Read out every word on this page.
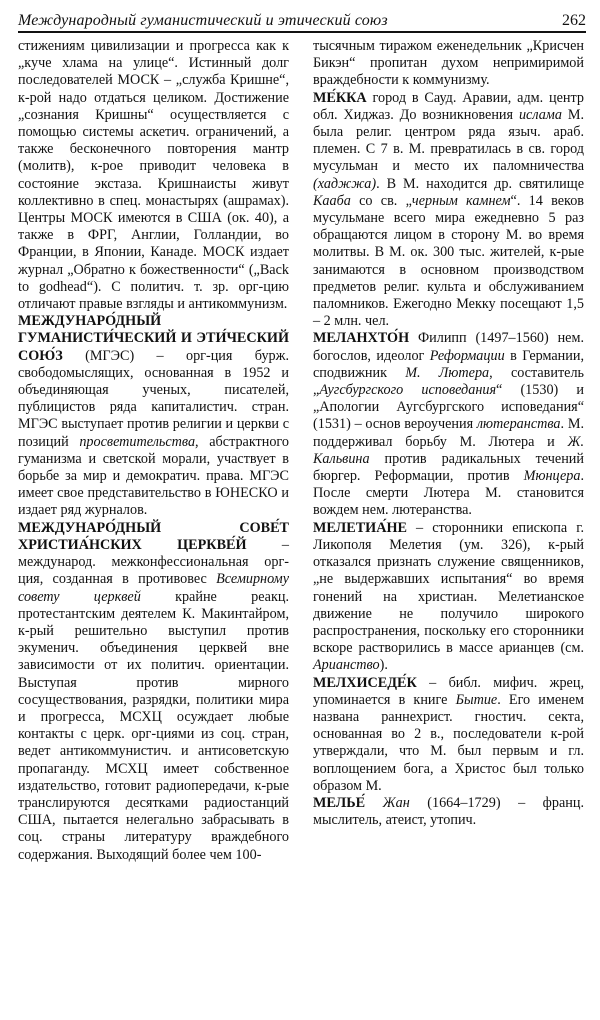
Международный гуманистический и этический союз	262

стижениям цивилизации и прогресса как к „куче хлама на улице“. Истинный долг последователей МОСК – „служба Кришне“, к-рой надо отдаться целиком. Достижение „сознания Кришны“ осуществляется с помощью системы аскетич. ограничений, а также бесконечного повторения мантр (молитв), к-рое приводит человека в состояние экстаза. Кришнаисты живут коллективно в спец. монастырях (ашрамах). Центры МОСК имеются в США (ок. 40), а также в ФРГ, Англии, Голландии, во Франции, в Японии, Канаде. МОСК издает журнал „Обратно к божественности“ („Back to godhead“). С политич. т. зр. орг-цию отличают правые взгляды и антикоммунизм.

МЕЖДУНАРО́ДНЫЙ ГУМАНИСТИ́ЧЕСКИЙ И ЭТИ́ЧЕСКИЙ СОЮ́З (МГЭС) – орг-ция бурж. свободомыслящих, основанная в 1952 и объединяющая ученых, писателей, публицистов ряда капиталистич. стран. МГЭС выступает против религии и церкви с позиций просветительства, абстрактного гуманизма и светской морали, участвует в борьбе за мир и демократич. права. МГЭС имеет свое представительство в ЮНЕСКО и издает ряд журналов.

МЕЖДУНАРО́ДНЫЙ СОВЕ́Т ХРИСТИА́НСКИХ ЦЕРКВЕ́Й – международ. межконфессиональная орг-ция, созданная в противовес Всемирному совету церквей крайне реакц. протестантским деятелем К. Макинтайром, к-рый решительно выступил против экуменич. объединения церквей вне зависимости от их политич. ориентации. Выступая против мирного сосуществования, разрядки, политики мира и прогресса, МСХЦ осуждает любые контакты с церк. орг-циями из соц. стран, ведет антикоммунистич. и антисоветскую пропаганду. МСХЦ имеет собственное издательство, готовит радиопередачи, к-рые транслируются десятками радиостанций США, пытается нелегально забрасывать в соц. страны литературу враждебного содержания. Выходящий более чем 100-

тысячным тиражом еженедельник „Крисчен Бикэн“ пропитан духом непримиримой враждебности к коммунизму.

МЕ́ККА город в Сауд. Аравии, адм. центр обл. Хиджаз. До возникновения ислама М. была религ. центром ряда языч. араб. племен. С 7 в. М. превратилась в св. город мусульман и место их паломничества (хаджжа). В М. находится др. святилище Кааба со св. „черным камнем“. 14 веков мусульмане всего мира ежедневно 5 раз обращаются лицом в сторону М. во время молитвы. В М. ок. 300 тыс. жителей, к-рые занимаются в основном производством предметов религ. культа и обслуживанием паломников. Ежегодно Мекку посещают 1,5 – 2 млн. чел.

МЕЛАНХТО́Н Филипп (1497–1560) нем. богослов, идеолог Реформации в Германии, сподвижник М. Лютера, составитель „Аугсбургского исповедания“ (1530) и „Апологии Аугсбургского исповедания“ (1531) – основ вероучения лютеранства. М. поддерживал борьбу М. Лютера и Ж. Кальвина против радикальных течений бюргер. Реформации, против Мюнцера. После смерти Лютера М. становится вождем нем. лютеранства.

МЕЛЕТИА́НЕ – сторонники епископа г. Ликополя Мелетия (ум. 326), к-рый отказался признать служение священников, „не выдержавших испытания“ во время гонений на христиан. Мелетианское движение не получило широкого распространения, поскольку его сторонники вскоре растворились в массе арианцев (см. Арианство).

МЕЛХИСЕДЕ́К – библ. мифич. жрец, упоминается в книге Бытие. Его именем названа раннехрист. гностич. секта, основанная во 2 в., последователи к-рой утверждали, что М. был первым и гл. воплощением бога, а Христос был только образом М.

МЕЛЬЕ́ Жан (1664–1729) – франц. мыслитель, атеист, утопич.
